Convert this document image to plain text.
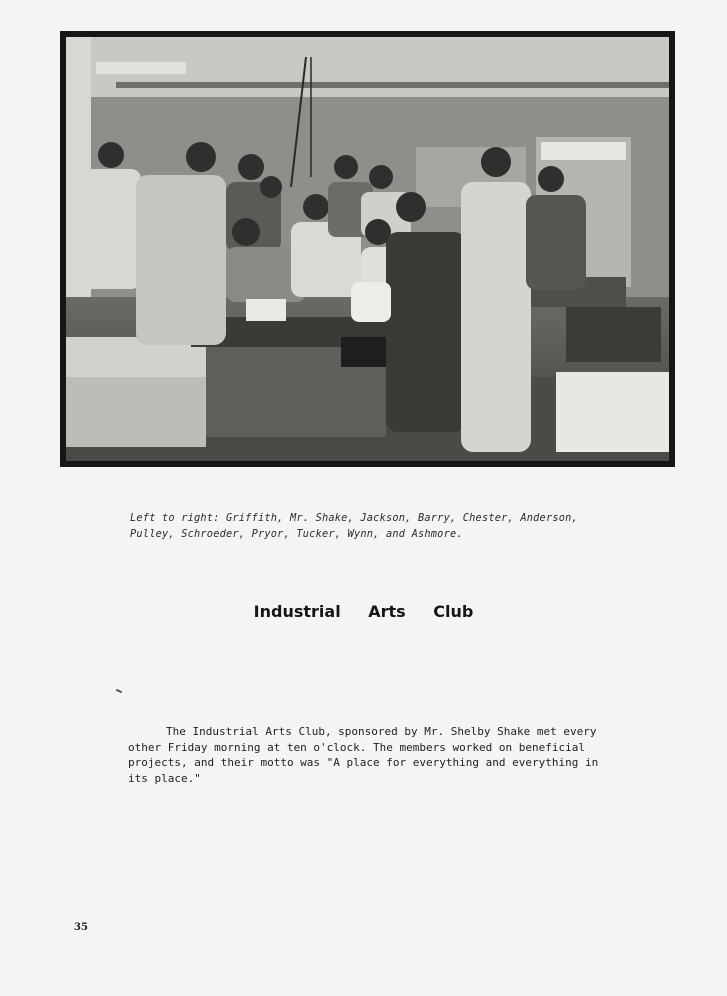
Left to right: Griffith, Mr. Shake, Jackson, Barry, Chester, Anderson, Pulley, Schroeder, Pryor, Tucker, Wynn, and Ashmore.
Industrial Arts Club
The Industrial Arts Club, sponsored by Mr. Shelby Shake met every other Friday morning at ten o'clock. The members worked on beneficial projects, and their motto was "A place for everything and everything in its place."
35
